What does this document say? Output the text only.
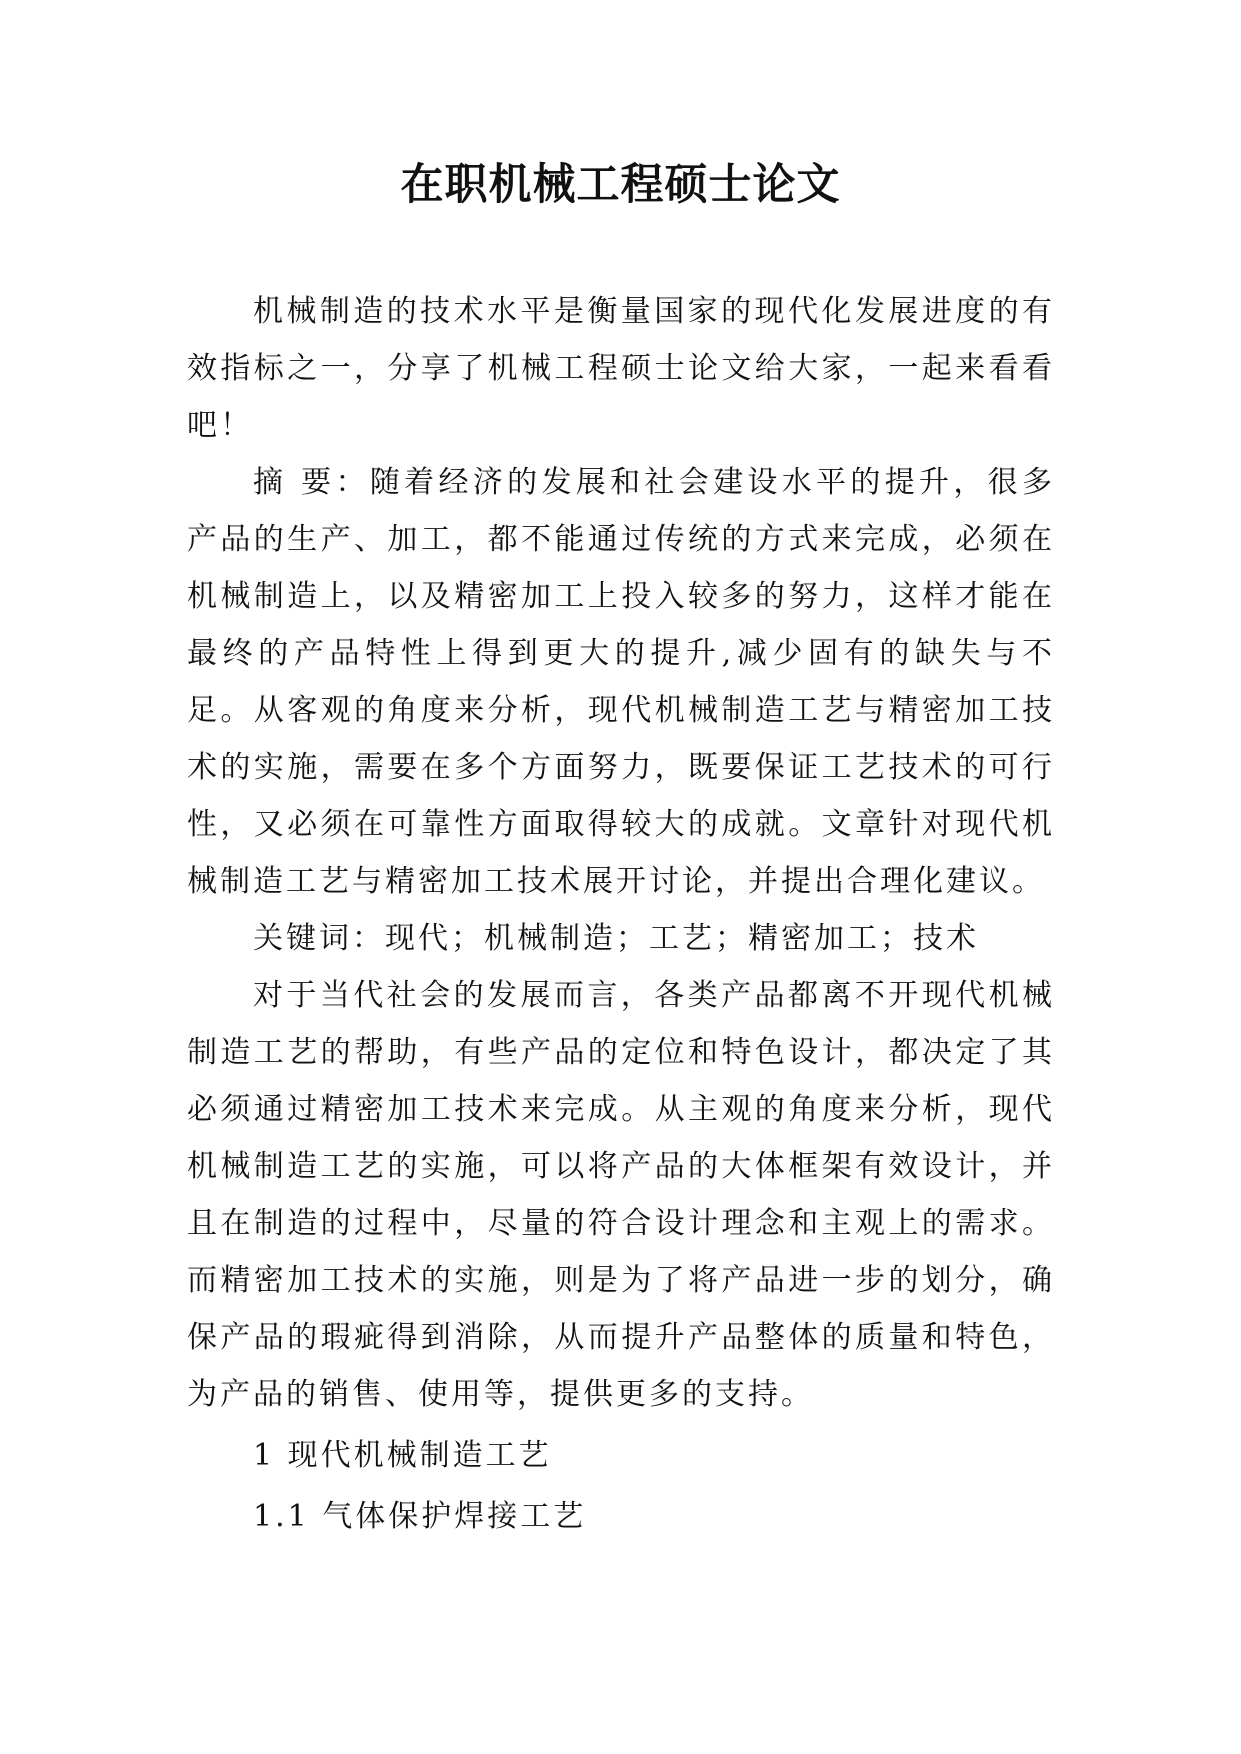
在职机械工程硕士论文

机械制造的技术水平是衡量国家的现代化发展进度的有效指标之一，分享了机械工程硕士论文给大家，一起来看看吧！

摘 要：随着经济的发展和社会建设水平的提升，很多产品的生产、加工，都不能通过传统的方式来完成，必须在机械制造上，以及精密加工上投入较多的努力，这样才能在最终的产品特性上得到更大的提升,减少固有的缺失与不足。从客观的角度来分析，现代机械制造工艺与精密加工技术的实施，需要在多个方面努力，既要保证工艺技术的可行性，又必须在可靠性方面取得较大的成就。文章针对现代机械制造工艺与精密加工技术展开讨论，并提出合理化建议。

关键词：现代；机械制造；工艺；精密加工；技术

对于当代社会的发展而言，各类产品都离不开现代机械制造工艺的帮助，有些产品的定位和特色设计，都决定了其必须通过精密加工技术来完成。从主观的角度来分析，现代机械制造工艺的实施，可以将产品的大体框架有效设计，并且在制造的过程中，尽量的符合设计理念和主观上的需求。而精密加工技术的实施，则是为了将产品进一步的划分，确保产品的瑕疵得到消除，从而提升产品整体的质量和特色，为产品的销售、使用等，提供更多的支持。

1 现代机械制造工艺

1.1 气体保护焊接工艺
